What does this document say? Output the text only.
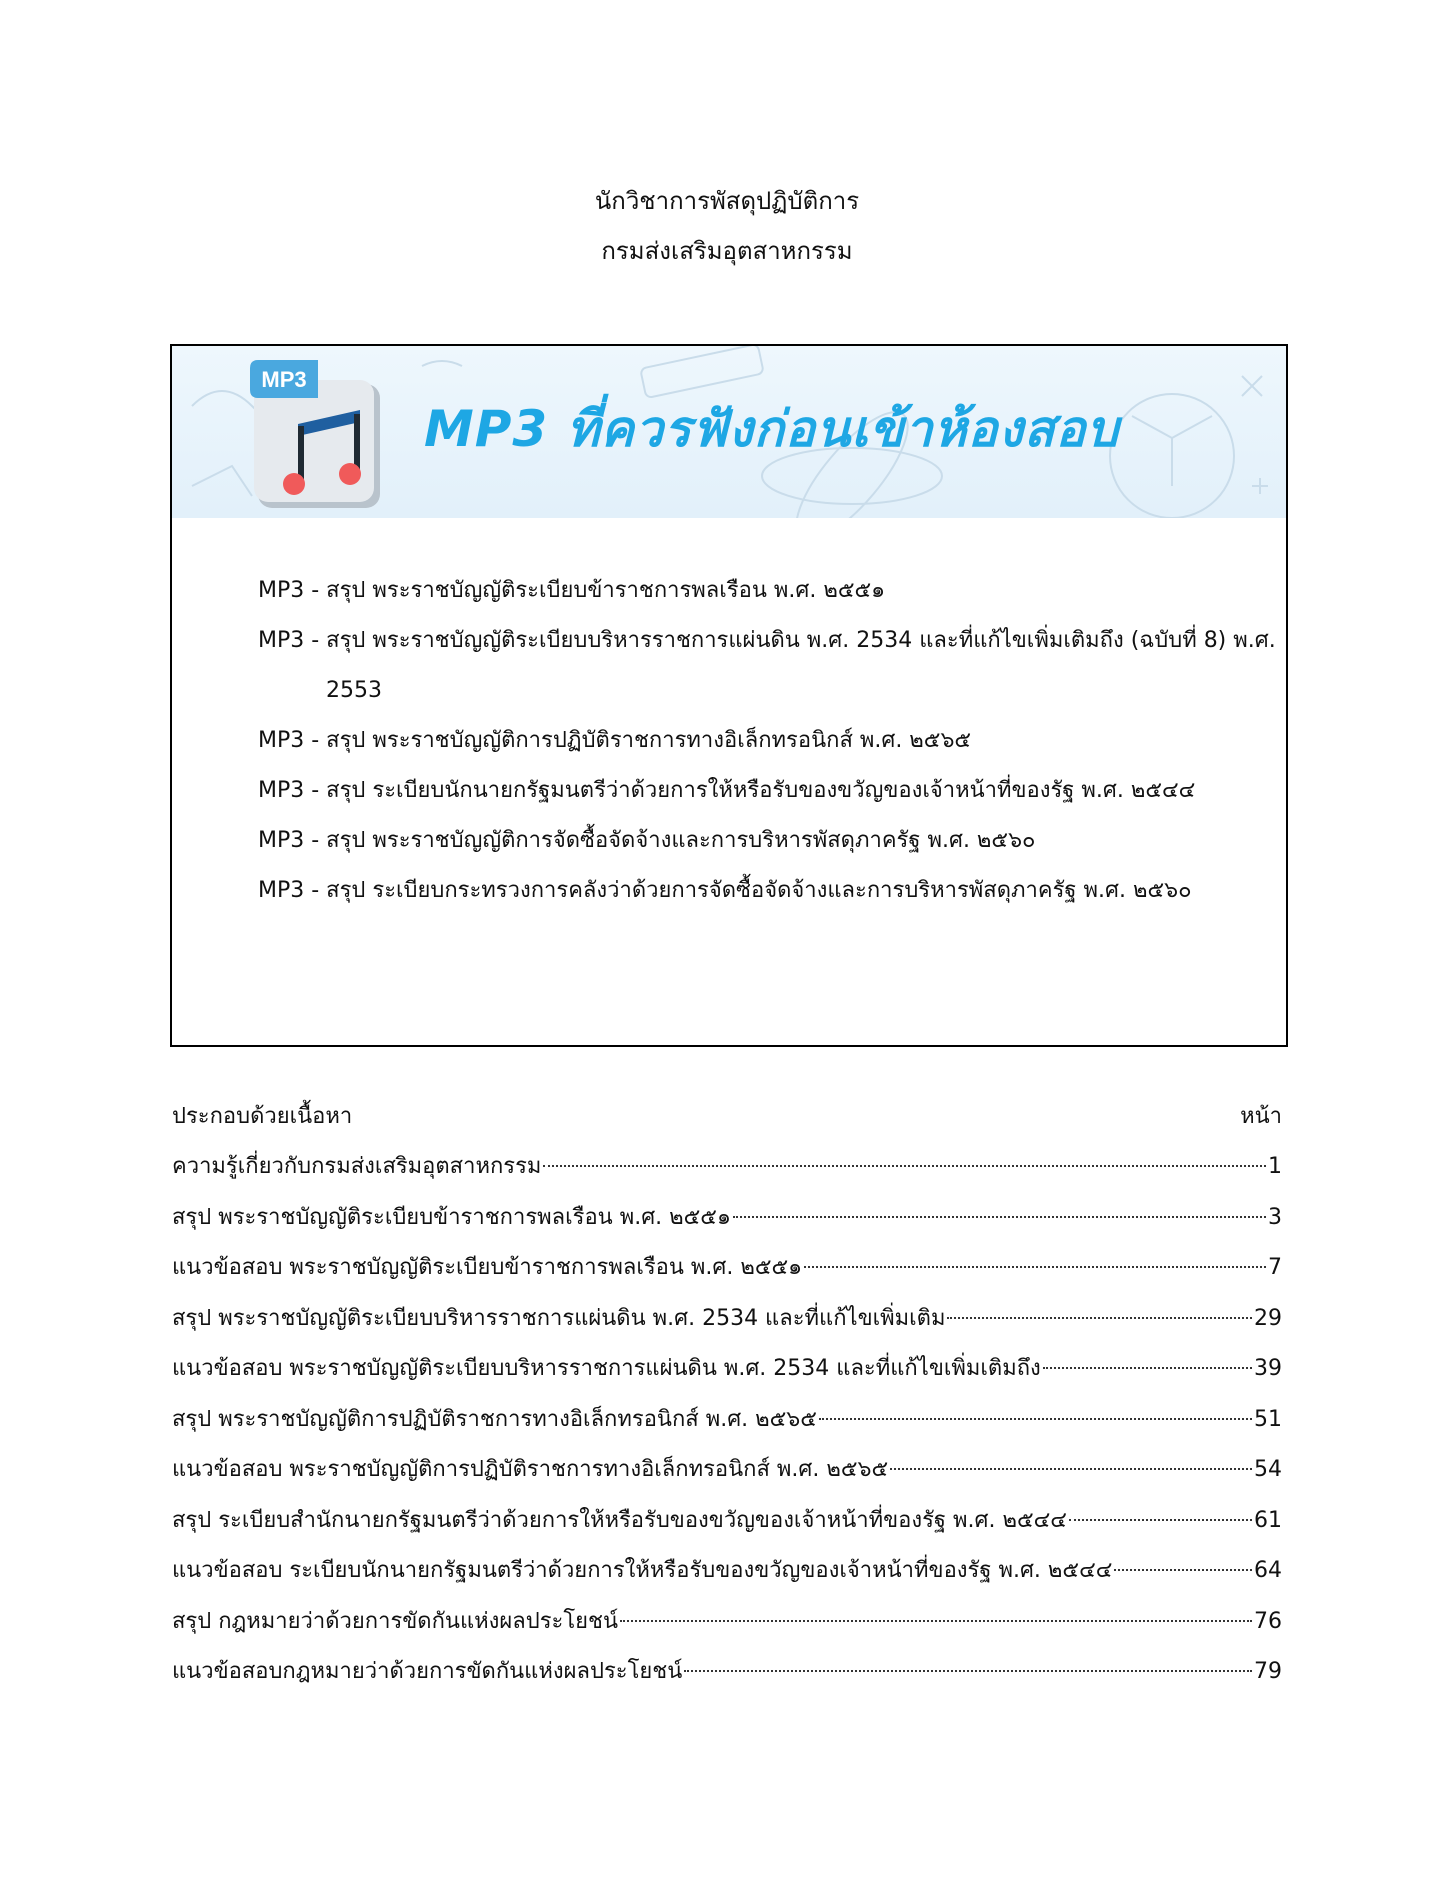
นักวิชาการพัสดุปฏิบัติการ
กรมส่งเสริมอุตสาหกรรม
MP3
MP3 ที่ควรฟังก่อนเข้าห้องสอบ
MP3 - สรุป พระราชบัญญัติระเบียบข้าราชการพลเรือน พ.ศ. ๒๕๕๑
MP3 - สรุป พระราชบัญญัติระเบียบบริหารราชการแผ่นดิน พ.ศ. 2534 และที่แก้ไขเพิ่มเติมถึง (ฉบับที่ 8) พ.ศ. 2553
MP3 - สรุป พระราชบัญญัติการปฏิบัติราชการทางอิเล็กทรอนิกส์ พ.ศ. ๒๕๖๕
MP3 - สรุป ระเบียบนักนายกรัฐมนตรีว่าด้วยการให้หรือรับของขวัญของเจ้าหน้าที่ของรัฐ พ.ศ. ๒๕๔๔
MP3 - สรุป พระราชบัญญัติการจัดซื้อจัดจ้างและการบริหารพัสดุภาครัฐ พ.ศ. ๒๕๖๐
MP3 - สรุป ระเบียบกระทรวงการคลังว่าด้วยการจัดซื้อจัดจ้างและการบริหารพัสดุภาครัฐ พ.ศ. ๒๕๖๐
ประกอบด้วยเนื้อหา	หน้า
ความรู้เกี่ยวกับกรมส่งเสริมอุตสาหกรรม	1
สรุป พระราชบัญญัติระเบียบข้าราชการพลเรือน พ.ศ. ๒๕๕๑	3
แนวข้อสอบ พระราชบัญญัติระเบียบข้าราชการพลเรือน พ.ศ. ๒๕๕๑	7
สรุป พระราชบัญญัติระเบียบบริหารราชการแผ่นดิน พ.ศ. 2534 และที่แก้ไขเพิ่มเติม	29
แนวข้อสอบ พระราชบัญญัติระเบียบบริหารราชการแผ่นดิน พ.ศ. 2534 และที่แก้ไขเพิ่มเติมถึง	39
สรุป พระราชบัญญัติการปฏิบัติราชการทางอิเล็กทรอนิกส์ พ.ศ. ๒๕๖๕	51
แนวข้อสอบ พระราชบัญญัติการปฏิบัติราชการทางอิเล็กทรอนิกส์ พ.ศ. ๒๕๖๕	54
สรุป ระเบียบสำนักนายกรัฐมนตรีว่าด้วยการให้หรือรับของขวัญของเจ้าหน้าที่ของรัฐ พ.ศ. ๒๕๔๔	61
แนวข้อสอบ ระเบียบนักนายกรัฐมนตรีว่าด้วยการให้หรือรับของขวัญของเจ้าหน้าที่ของรัฐ พ.ศ. ๒๕๔๔	64
สรุป กฎหมายว่าด้วยการขัดกันแห่งผลประโยชน์	76
แนวข้อสอบกฎหมายว่าด้วยการขัดกันแห่งผลประโยชน์	79
